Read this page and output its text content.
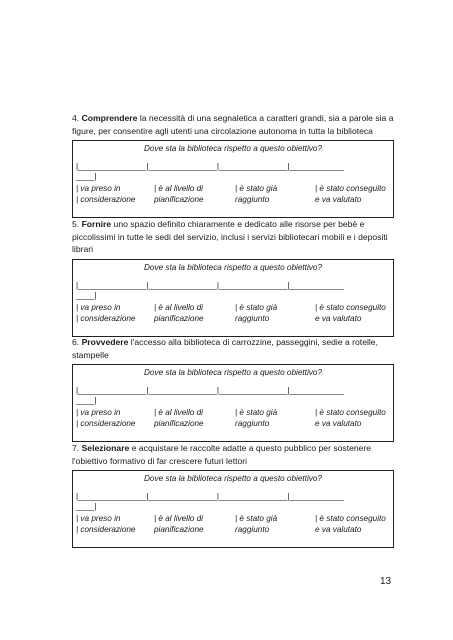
4. Comprendere la necessità di una segnaletica a caratteri grandi, sia a parole sia a figure, per consentire agli utenti una circolazione autonoma in tutta la biblioteca

Dove sta la biblioteca rispetto a questo obiettivo?
|_______________|_______________|_______________|____________
____|
| va preso in	| è al livello di	| è stato già	| è stato conseguito
| considerazione	pianificazione	raggiunto	e va valutato

5. Fornire uno spazio definito chiaramente e dedicato alle risorse per bebè e piccolissimi in tutte le sedi del servizio, inclusi i servizi bibliotecari mobili e i depositi librari

Dove sta la biblioteca rispetto a questo obiettivo?
|_______________|_______________|_______________|____________
____|
| va preso in	| è al livello di	| è stato già	| è stato conseguito
| considerazione	pianificazione	raggiunto	e va valutato

6. Provvedere l'accesso alla biblioteca di carrozzine, passeggini, sedie a rotelle, stampelle

Dove sta la biblioteca rispetto a questo obiettivo?
|_______________|_______________|_______________|____________
____|
| va preso in	| è al livello di	| è stato già	| è stato conseguito
| considerazione	pianificazione	raggiunto	e va valutato

7. Selezionare e acquistare le raccolte adatte a questo pubblico per sostenere l'obiettivo formativo di far crescere futuri lettori

Dove sta la biblioteca rispetto a questo obiettivo?
|_______________|_______________|_______________|____________
____|
| va preso in	| è al livello di	| è stato già	| è stato conseguito
| considerazione	pianificazione	raggiunto	e va valutato
13
